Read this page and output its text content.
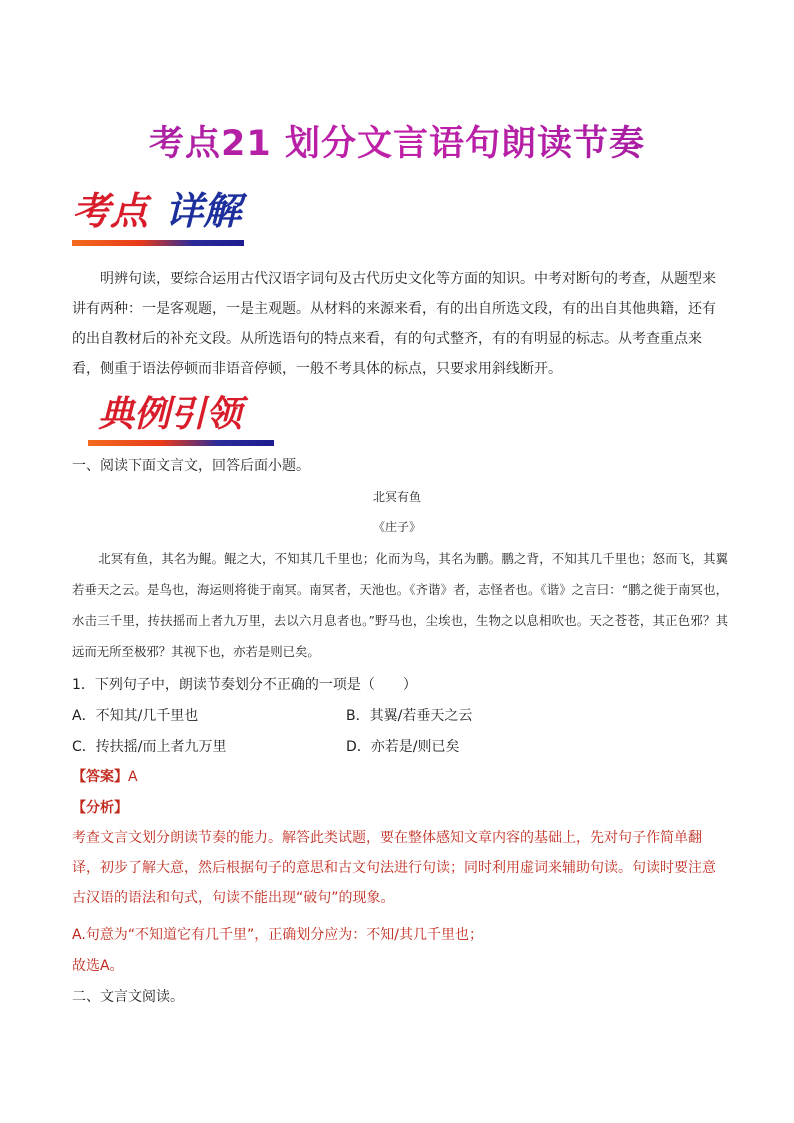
考点21 划分文言语句朗读节奏
考点 详解
明辨句读，要综合运用古代汉语字词句及古代历史文化等方面的知识。中考对断句的考查，从题型来讲有两种：一是客观题，一是主观题。从材料的来源来看，有的出自所选文段，有的出自其他典籍，还有的出自教材后的补充文段。从所选语句的特点来看，有的句式整齐，有的有明显的标志。从考查重点来看，侧重于语法停顿而非语音停顿，一般不考具体的标点，只要求用斜线断开。
典例引领
一、阅读下面文言文，回答后面小题。
北冥有鱼
《庄子》
北冥有鱼，其名为鲲。鲲之大，不知其几千里也；化而为鸟，其名为鹏。鹏之背，不知其几千里也；怒而飞，其翼若垂天之云。是鸟也，海运则将徙于南冥。南冥者，天池也。《齐谐》者，志怪者也。《谐》之言曰：“鹏之徙于南冥也，水击三千里，抟扶摇而上者九万里，去以六月息者也。”野马也，尘埃也，生物之以息相吹也。天之苍苍，其正色邪？其远而无所至极邪？其视下也，亦若是则已矣。
1．下列句子中，朗读节奏划分不正确的一项是（　　）
A．不知其/几千里也	B．其翼/若垂天之云
C．抟扶摇/而上者九万里	D．亦若是/则已矣
【答案】A
【分析】
考查文言文划分朗读节奏的能力。解答此类试题，要在整体感知文章内容的基础上，先对句子作简单翻译，初步了解大意，然后根据句子的意思和古文句法进行句读；同时利用虚词来辅助句读。句读时要注意古汉语的语法和句式，句读不能出现“破句”的现象。
A.句意为“不知道它有几千里”，正确划分应为：不知/其几千里也；
故选A。
二、文言文阅读。
